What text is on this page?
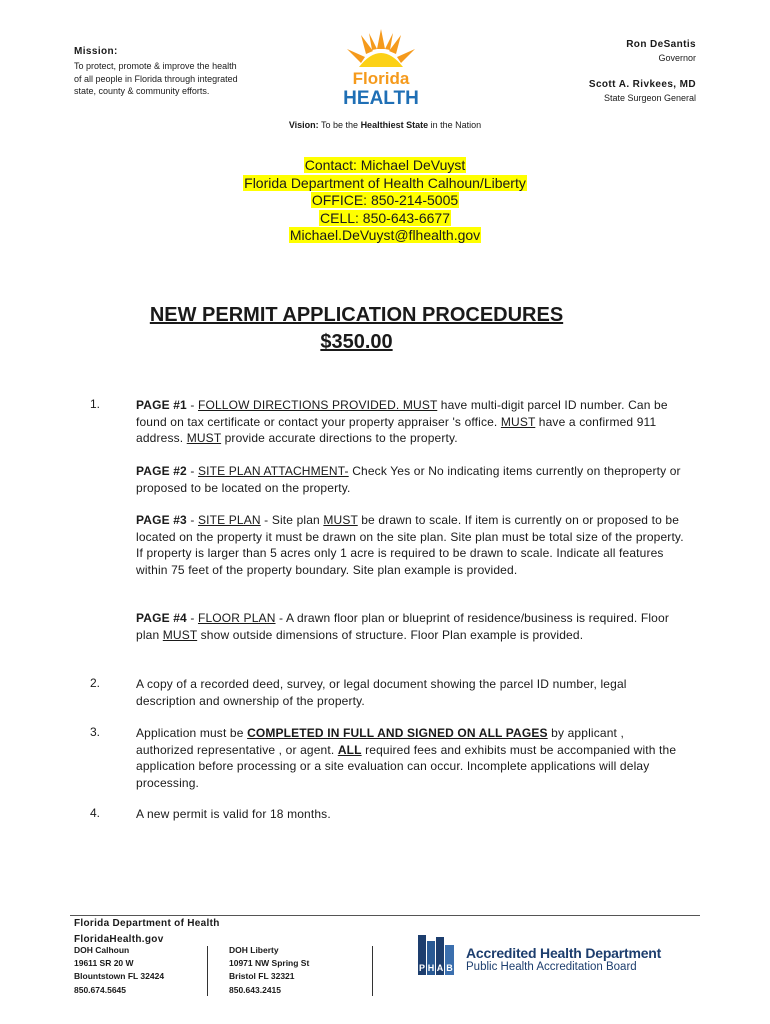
Mission:
To protect, promote & improve the health of all people in Florida through integrated state, county & community efforts.
Florida
HEALTH
Ron DeSantis
Governor
Scott A. Rivkees, MD
State Surgeon General
Vision: To be the Healthiest State in the Nation
Contact: Michael DeVuyst
Florida Department of Health Calhoun/Liberty
OFFICE: 850-214-5005
CELL: 850-643-6677
Michael.DeVuyst@flhealth.gov
NEW PERMIT APPLICATION PROCEDURES
$350.00
1.	PAGE #1 - FOLLOW DIRECTIONS PROVIDED. MUST have multi-digit parcel ID number. Can be found on tax certificate or contact your property appraiser 's office. MUST have a confirmed 911 address. MUST provide accurate directions to the property.
PAGE #2 - SITE PLAN ATTACHMENT- Check Yes or No indicating items currently on theproperty or proposed to be located on the property.
PAGE #3 - SITE PLAN - Site plan MUST be drawn to scale. If item is currently on or proposed to be located on the property it must be drawn on the site plan. Site plan must be total size of the property. If property is larger than 5 acres only 1 acre is required to be drawn to scale. Indicate all features within 75 feet of the property boundary. Site plan example is provided.
PAGE #4 - FLOOR PLAN - A drawn floor plan or blueprint of residence/business is required. Floor plan MUST show outside dimensions of structure. Floor Plan example is provided.
2.	A copy of a recorded deed, survey, or legal document showing the parcel ID number, legal description and ownership of the property.
3.	Application must be COMPLETED IN FULL AND SIGNED ON ALL PAGES by applicant , authorized representative , or agent. ALL required fees and exhibits must be accompanied with the application before processing or a site evaluation can occur. Incomplete applications will delay processing.
4.	A new permit is valid for 18 months.
Florida Department of Health
FloridaHealth.gov
DOH Calhoun
19611 SR 20 W
Blountstown FL 32424
850.674.5645
DOH Liberty
10971 NW Spring St
Bristol FL 32321
850.643.2415
P H A B
Accredited Health Department
Public Health Accreditation Board
